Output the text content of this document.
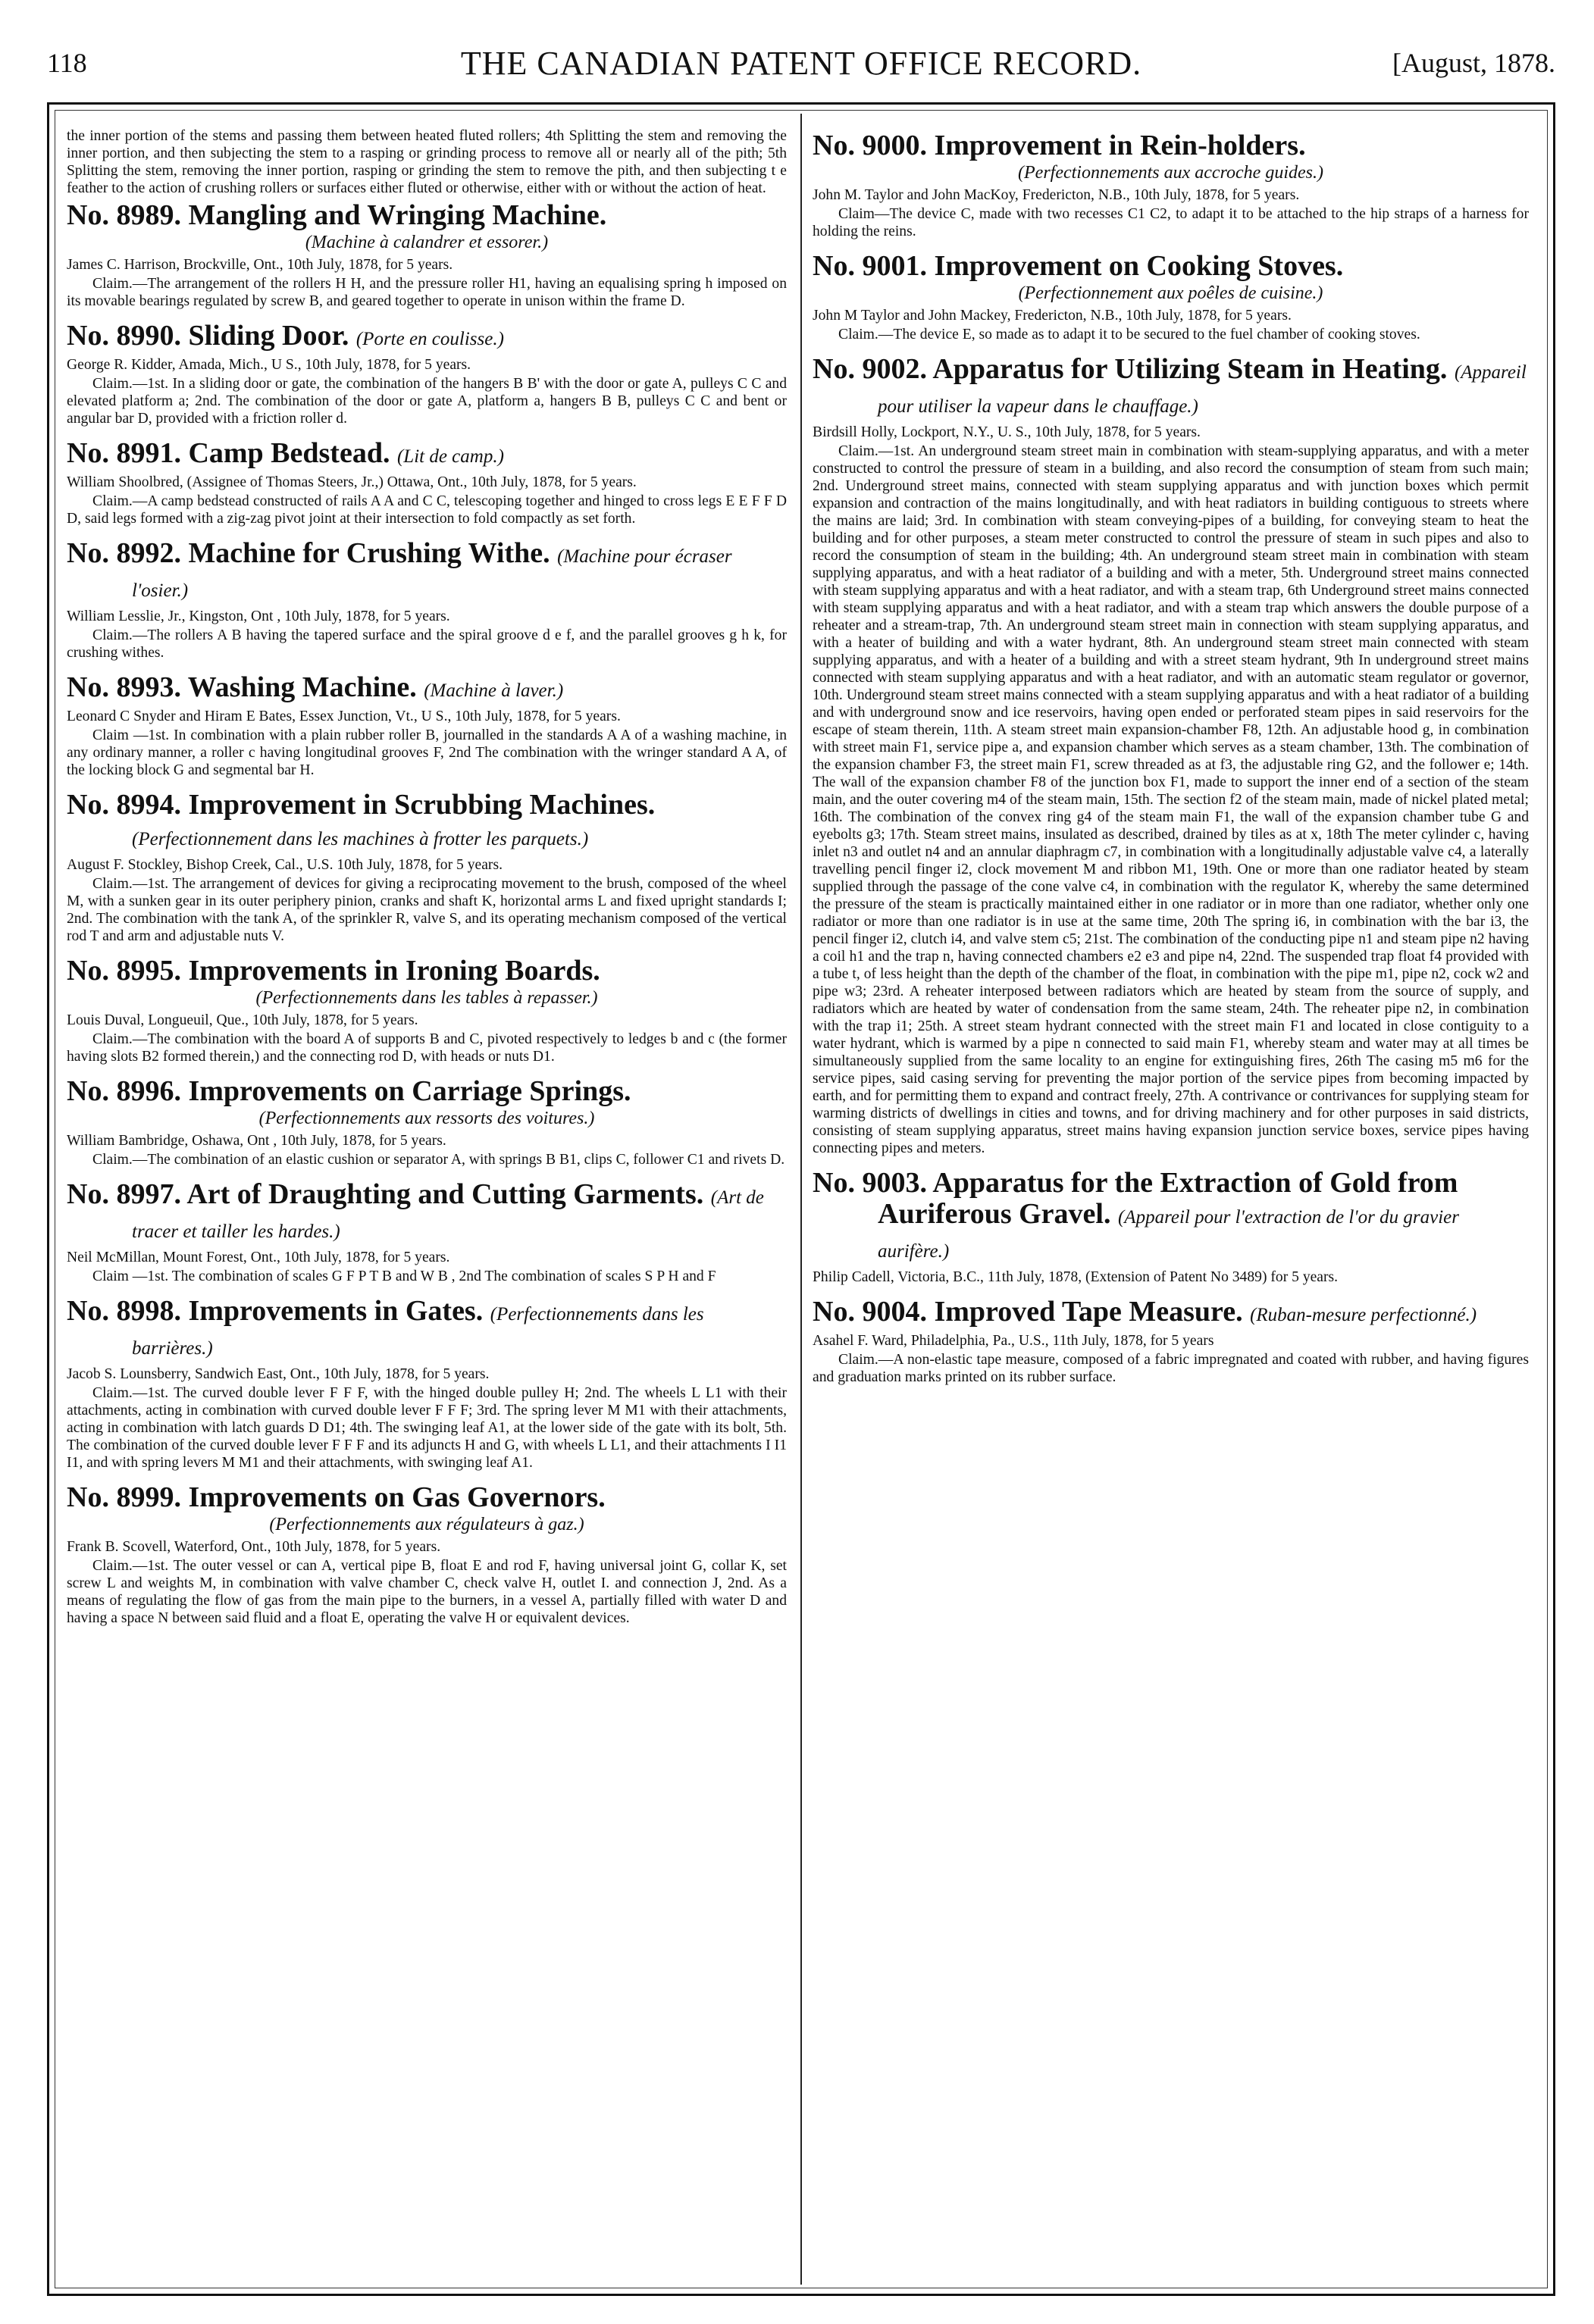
118	THE CANADIAN PATENT OFFICE RECORD.	[August, 1878.

the inner portion of the stems and passing them between heated fluted rollers; 4th Splitting the stem and removing the inner portion, and then subjecting the stem to a rasping or grinding process to remove all or nearly all of the pith; 5th Splitting the stem, removing the inner portion, rasping or grinding the stem to remove the pith, and then subjecting t e feather to the action of crushing rollers or surfaces either fluted or otherwise, either with or without the action of heat.

No. 8989. Mangling and Wringing Machine.
(Machine à calandrer et essorer.)

James C. Harrison, Brockville, Ont., 10th July, 1878, for 5 years.

Claim.—The arrangement of the rollers H H, and the pressure roller H1, having an equalising spring h imposed on its movable bearings regulated by screw B, and geared together to operate in unison within the frame D.

No. 8990. Sliding Door. (Porte en coulisse.)

George R. Kidder, Amada, Mich., U S., 10th July, 1878, for 5 years.

Claim.—1st. In a sliding door or gate, the combination of the hangers B B' with the door or gate A, pulleys C C and elevated platform a; 2nd. The combination of the door or gate A, platform a, hangers B B, pulleys C C and bent or angular bar D, provided with a friction roller d.

No. 8991. Camp Bedstead. (Lit de camp.)

William Shoolbred, (Assignee of Thomas Steers, Jr.,) Ottawa, Ont., 10th July, 1878, for 5 years.

Claim.—A camp bedstead constructed of rails A A and C C, telescoping together and hinged to cross legs E E F F D D, said legs formed with a zig-zag pivot joint at their intersection to fold compactly as set forth.

No. 8992. Machine for Crushing Withe. (Machine pour écraser l'osier.)

William Lesslie, Jr., Kingston, Ont , 10th July, 1878, for 5 years.

Claim.—The rollers A B having the tapered surface and the spiral groove d e f, and the parallel grooves g h k, for crushing withes.

No. 8993. Washing Machine. (Machine à laver.)

Leonard C Snyder and Hiram E Bates, Essex Junction, Vt., U S., 10th July, 1878, for 5 years.

Claim —1st. In combination with a plain rubber roller B, journalled in the standards A A of a washing machine, in any ordinary manner, a roller c having longitudinal grooves F, 2nd The combination with the wringer standard A A, of the locking block G and segmental bar H.

No. 8994. Improvement in Scrubbing Machines. (Perfectionnement dans les machines à frotter les parquets.)

August F. Stockley, Bishop Creek, Cal., U.S. 10th July, 1878, for 5 years.

Claim.—1st. The arrangement of devices for giving a reciprocating movement to the brush, composed of the wheel M, with a sunken gear in its outer periphery pinion, cranks and shaft K, horizontal arms L and fixed upright standards I; 2nd. The combination with the tank A, of the sprinkler R, valve S, and its operating mechanism composed of the vertical rod T and arm and adjustable nuts V.

No. 8995. Improvements in Ironing Boards.
(Perfectionnements dans les tables à repasser.)

Louis Duval, Longueuil, Que., 10th July, 1878, for 5 years.

Claim.—The combination with the board A of supports B and C, pivoted respectively to ledges b and c (the former having slots B2 formed therein,) and the connecting rod D, with heads or nuts D1.

No. 8996. Improvements on Carriage Springs.
(Perfectionnements aux ressorts des voitures.)

William Bambridge, Oshawa, Ont , 10th July, 1878, for 5 years.

Claim.—The combination of an elastic cushion or separator A, with springs B B1, clips C, follower C1 and rivets D.

No. 8997. Art of Draughting and Cutting Garments. (Art de tracer et tailler les hardes.)

Neil McMillan, Mount Forest, Ont., 10th July, 1878, for 5 years.

Claim —1st. The combination of scales G F P T B and W B , 2nd The combination of scales S P H and F

No. 8998. Improvements in Gates. (Perfectionnements dans les barrières.)

Jacob S. Lounsberry, Sandwich East, Ont., 10th July, 1878, for 5 years.

Claim.—1st. The curved double lever F F F, with the hinged double pulley H; 2nd. The wheels L L1 with their attachments, acting in combination with curved double lever F F F; 3rd. The spring lever M M1 with their attachments, acting in combination with latch guards D D1; 4th. The swinging leaf A1, at the lower side of the gate with its bolt, 5th. The combination of the curved double lever F F F and its adjuncts H and G, with wheels L L1, and their attachments I I1 I1, and with spring levers M M1 and their attachments, with swinging leaf A1.

No. 8999. Improvements on Gas Governors.
(Perfectionnements aux régulateurs à gaz.)

Frank B. Scovell, Waterford, Ont., 10th July, 1878, for 5 years.

Claim.—1st. The outer vessel or can A, vertical pipe B, float E and rod F, having universal joint G, collar K, set screw L and weights M, in combination with valve chamber C, check valve H, outlet I. and connection J, 2nd. As a means of regulating the flow of gas from the main pipe to the burners, in a vessel A, partially filled with water D and having a space N between said fluid and a float E, operating the valve H or equivalent devices.

No. 9000. Improvement in Rein-holders.
(Perfectionnements aux accroche guides.)

John M. Taylor and John MacKoy, Fredericton, N.B., 10th July, 1878, for 5 years.

Claim—The device C, made with two recesses C1 C2, to adapt it to be attached to the hip straps of a harness for holding the reins.

No. 9001. Improvement on Cooking Stoves.
(Perfectionnement aux poêles de cuisine.)

John M Taylor and John Mackey, Fredericton, N.B., 10th July, 1878, for 5 years.

Claim.—The device E, so made as to adapt it to be secured to the fuel chamber of cooking stoves.

No. 9002. Apparatus for Utilizing Steam in Heating. (Appareil pour utiliser la vapeur dans le chauffage.)

Birdsill Holly, Lockport, N.Y., U. S., 10th July, 1878, for 5 years.

Claim.—1st. An underground steam street main in combination with steam-supplying apparatus, and with a meter constructed to control the pressure of steam in a building, and also record the consumption of steam from such main; 2nd. Underground street mains, connected with steam supplying apparatus and with junction boxes which permit expansion and contraction of the mains longitudinally, and with heat radiators in building contiguous to streets where the mains are laid; 3rd. In combination with steam conveying-pipes of a building, for conveying steam to heat the building and for other purposes, a steam meter constructed to control the pressure of steam in such pipes and also to record the consumption of steam in the building; 4th. An underground steam street main in combination with steam supplying apparatus, and with a heat radiator of a building and with a meter, 5th. Underground street mains connected with steam supplying apparatus and with a heat radiator, and with a steam trap, 6th Underground street mains connected with steam supplying apparatus and with a heat radiator, and with a steam trap which answers the double purpose of a reheater and a stream-trap, 7th. An underground steam street main in connection with steam supplying apparatus, and with a heater of building and with a water hydrant, 8th. An underground steam street main connected with steam supplying apparatus, and with a heater of a building and with a street steam hydrant, 9th In underground street mains connected with steam supplying apparatus and with a heat radiator, and with an automatic steam regulator or governor, 10th. Underground steam street mains connected with a steam supplying apparatus and with a heat radiator of a building and with underground snow and ice reservoirs, having open ended or perforated steam pipes in said reservoirs for the escape of steam therein, 11th. A steam street main expansion-chamber F8, 12th. An adjustable hood g, in combination with street main F1, service pipe a, and expansion chamber which serves as a steam chamber, 13th. The combination of the expansion chamber F3, the street main F1, screw threaded as at f3, the adjustable ring G2, and the follower e; 14th. The wall of the expansion chamber F8 of the junction box F1, made to support the inner end of a section of the steam main, and the outer covering m4 of the steam main, 15th. The section f2 of the steam main, made of nickel plated metal; 16th. The combination of the convex ring g4 of the steam main F1, the wall of the expansion chamber tube G and eyebolts g3; 17th. Steam street mains, insulated as described, drained by tiles as at x, 18th The meter cylinder c, having inlet n3 and outlet n4 and an annular diaphragm c7, in combination with a longitudinally adjustable valve c4, a laterally travelling pencil finger i2, clock movement M and ribbon M1, 19th. One or more than one radiator heated by steam supplied through the passage of the cone valve c4, in combination with the regulator K, whereby the same determined the pressure of the steam is practically maintained either in one radiator or in more than one radiator, whether only one radiator or more than one radiator is in use at the same time, 20th The spring i6, in combination with the bar i3, the pencil finger i2, clutch i4, and valve stem c5; 21st. The combination of the conducting pipe n1 and steam pipe n2 having a coil h1 and the trap n, having connected chambers e2 e3 and pipe n4, 22nd. The suspended trap float f4 provided with a tube t, of less height than the depth of the chamber of the float, in combination with the pipe m1, pipe n2, cock w2 and pipe w3; 23rd. A reheater interposed between radiators which are heated by steam from the source of supply, and radiators which are heated by water of condensation from the same steam, 24th. The reheater pipe n2, in combination with the trap i1; 25th. A street steam hydrant connected with the street main F1 and located in close contiguity to a water hydrant, which is warmed by a pipe n connected to said main F1, whereby steam and water may at all times be simultaneously supplied from the same locality to an engine for extinguishing fires, 26th The casing m5 m6 for the service pipes, said casing serving for preventing the major portion of the service pipes from becoming impacted by earth, and for permitting them to expand and contract freely, 27th. A contrivance or contrivances for supplying steam for warming districts of dwellings in cities and towns, and for driving machinery and for other purposes in said districts, consisting of steam supplying apparatus, street mains having expansion junction service boxes, service pipes having connecting pipes and meters.

No. 9003. Apparatus for the Extraction of Gold from Auriferous Gravel. (Appareil pour l'extraction de l'or du gravier aurifère.)

Philip Cadell, Victoria, B.C., 11th July, 1878, (Extension of Patent No 3489) for 5 years.

No. 9004. Improved Tape Measure. (Ruban-mesure perfectionné.)

Asahel F. Ward, Philadelphia, Pa., U.S., 11th July, 1878, for 5 years

Claim.—A non-elastic tape measure, composed of a fabric impregnated and coated with rubber, and having figures and graduation marks printed on its rubber surface.
